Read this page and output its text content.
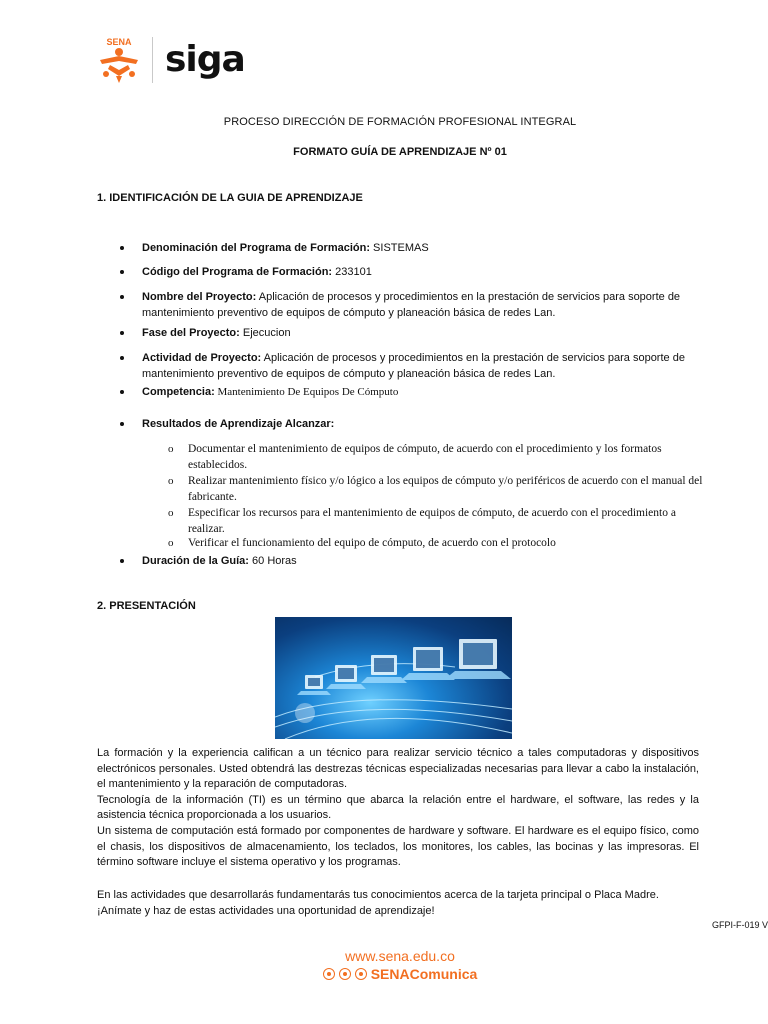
SENA siga
PROCESO DIRECCIÓN DE FORMACIÓN PROFESIONAL INTEGRAL
FORMATO GUÍA DE APRENDIZAJE Nº 01
1. IDENTIFICACIÓN DE LA GUIA DE APRENDIZAJE
Denominación del Programa de Formación: SISTEMAS
Código del Programa de Formación: 233101
Nombre del Proyecto: Aplicación de procesos y procedimientos en la prestación de servicios para soporte de mantenimiento preventivo de equipos de cómputo y planeación básica de redes Lan.
Fase del Proyecto: Ejecucion
Actividad de Proyecto: Aplicación de procesos y procedimientos en la prestación de servicios para soporte de mantenimiento preventivo de equipos de cómputo y planeación básica de redes Lan.
Competencia: Mantenimiento De Equipos De Cómputo
Resultados de Aprendizaje Alcanzar:
o Documentar el mantenimiento de equipos de cómputo, de acuerdo con el procedimiento y los formatos establecidos.
o Realizar mantenimiento físico y/o lógico a los equipos de cómputo y/o periféricos de acuerdo con el manual del fabricante.
o Especificar los recursos para el mantenimiento de equipos de cómputo, de acuerdo con el procedimiento a realizar.
o Verificar el funcionamiento del equipo de cómputo, de acuerdo con el protocolo
Duración de la Guía: 60 Horas
2. PRESENTACIÓN

La formación y la experiencia califican a un técnico para realizar servicio técnico a tales computadoras y dispositivos electrónicos personales. Usted obtendrá las destrezas técnicas especializadas necesarias para llevar a cabo la instalación, el mantenimiento y la reparación de computadoras.

Tecnología de la información (TI) es un término que abarca la relación entre el hardware, el software, las redes y la asistencia técnica proporcionada a los usuarios.

Un sistema de computación está formado por componentes de hardware y software. El hardware es el equipo físico, como el chasis, los dispositivos de almacenamiento, los teclados, los monitores, los cables, las bocinas y las impresoras. El término software incluye el sistema operativo y los programas.

En las actividades que desarrollarás fundamentarás tus conocimientos acerca de la tarjeta principal o Placa Madre.

¡Anímate y haz de estas actividades una oportunidad de aprendizaje!

GFPI-F-019 V
www.sena.edu.co
SENAComunica
